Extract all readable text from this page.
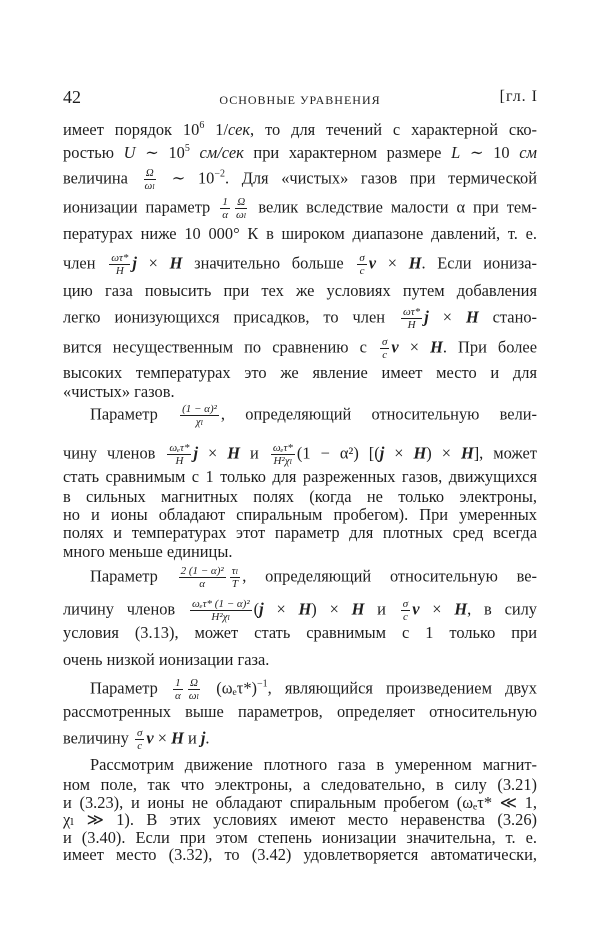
42	ОСНОВНЫЕ УРАВНЕНИЯ	[гл. I
имеет порядок $10^6$ 1/сек, то для течений с характерной ско-
ростью U ∼ $10^5$ см/сек при характерном размере L ∼ 10 см
величина $\frac{\Omega}{\text{ωₗ}}$ ∼ $10^{-2}$. Для «чистых» газов при термической
ионизации параметр $\frac{1}{\alpha} \frac{\Omega}{\text{ωₗ}}$ велик вследствие малости α при тем-
пературах ниже 10 000° К в широком диапазоне давлений, т. е.
член $\frac{\omega\tau*}{H}$ j × H значительно больше $\frac{\sigma}{c}$ v × H. Если иониза-
цию газа повысить при тех же условиях путем добавления
легко ионизующихся присадков, то член $\frac{\omega\tau*}{H}$ j × H стано-
вится несущественным по сравнению с $\frac{\sigma}{c}$ v × H. При более
высоких температурах это же явление имеет место и для
«чистых» газов.
Параметр $\frac{\text{(1 − α)²}}{\text{χₗ}}$ , определяющий относительную вели-
чину членов $\frac{\text{ωₑτ*}}{H}$ j × H и $\frac{\text{ωₑτ*}}{\text{H²χₗ}} (1 - \alpha^2) [(j \times H) \times H]$, может
стать сравнимым с 1 только для разреженных газов, движущихся
в сильных магнитных полях (когда не только электроны,
но и ионы обладают спиральным пробегом). При умеренных
полях и температурах этот параметр для плотных сред всегда
много меньше единицы.
Параметр $\frac{\text{2 (1 − α)²}}{\alpha} \frac{\text{τₗ}}{T}$ , определяющий относительную ве-
личину членов $\frac{\text{ωₑτ* (1 − α)²}}{\text{H²χₗ}} (j \times H) \times H$ и $\frac{\sigma}{c}$ v × H, в силу
условия (3.13), может стать сравнимым с 1 только при
очень низкой ионизации газа.
Параметр $\frac{1}{\alpha} \frac{\Omega}{\text{ωₗ}} (\omega_e\tau*)^{-1}$, являющийся произведением двух
рассмотренных выше параметров, определяет относительную
величину $\frac{\sigma}{c}$ v × H и j.
Рассмотрим движение плотного газа в умеренном магнит-
ном поле, так что электроны, а следовательно, в силу (3.21)
и (3.23), и ионы не обладают спиральным пробегом (ωₑτ* ≪ 1,
χₗ ≫ 1). В этих условиях имеют место неравенства (3.26)
и (3.40). Если при этом степень ионизации значительна, т. е.
имеет место (3.32), то (3.42) удовлетворяется автоматически,
